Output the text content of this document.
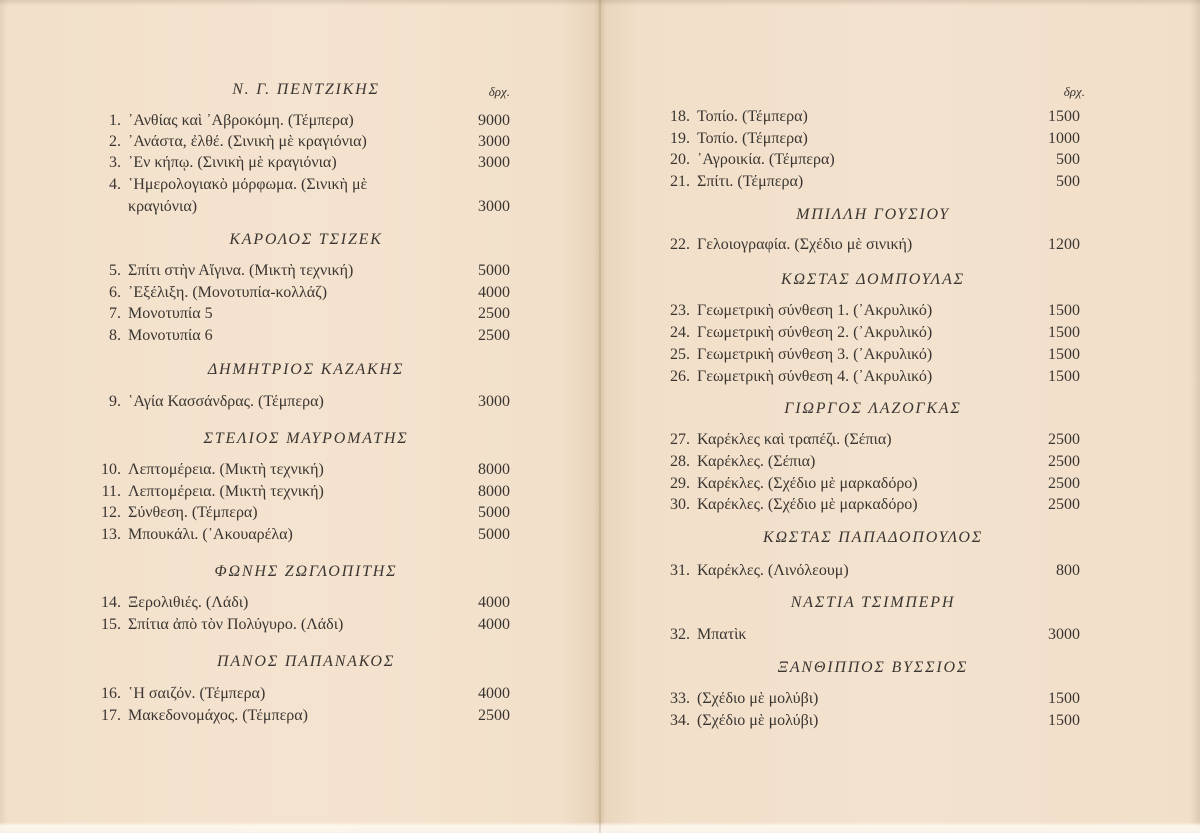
δρχ.
Ν. Γ. ΠΕΝΤΖΙΚΗΣ
1. ᾿Ανθίας καὶ ᾿Αβροκόμη. (Τέμπερα)	9000
2. ᾿Ανάστα, ἐλθέ. (Σινικὴ μὲ κραγιόνια)	3000
3. ᾿Εν κήπῳ. (Σινικὴ μὲ κραγιόνια)	3000
4. ῾Ημερολογιακὸ μόρφωμα. (Σινικὴ μὲ
κραγιόνια)	3000
ΚΑΡΟΛΟΣ ΤΣΙΖΕΚ
5. Σπίτι στὴν Αἴγινα. (Μικτὴ τεχνική)	5000
6. ᾿Εξέλιξη. (Μονοτυπία-κολλάζ)	4000
7. Μονοτυπία 5	2500
8. Μονοτυπία 6	2500
ΔΗΜΗΤΡΙΟΣ ΚΑΖΑΚΗΣ
9. ῾Αγία Κασσάνδρας. (Τέμπερα)	3000
ΣΤΕΛΙΟΣ ΜΑΥΡΟΜΑΤΗΣ
10. Λεπτομέρεια. (Μικτὴ τεχνική)	8000
11. Λεπτομέρεια. (Μικτὴ τεχνική)	8000
12. Σύνθεση. (Τέμπερα)	5000
13. Μπουκάλι. (᾿Ακουαρέλα)	5000
ΦΩΝΗΣ ΖΩΓΛΟΠΙΤΗΣ
14. Ξερολιθιές. (Λάδι)	4000
15. Σπίτια ἀπὸ τὸν Πολύγυρο. (Λάδι)	4000
ΠΑΝΟΣ ΠΑΠΑΝΑΚΟΣ
16. ῾Η σαιζόν. (Τέμπερα)	4000
17. Μακεδονομάχος. (Τέμπερα)	2500
δρχ.
18. Τοπίο. (Τέμπερα)	1500
19. Τοπίο. (Τέμπερα)	1000
20. ᾿Αγροικία. (Τέμπερα)	500
21. Σπίτι. (Τέμπερα)	500
ΜΠΙΛΛΗ ΓΟΥΣΙΟΥ
22. Γελοιογραφία. (Σχέδιο μὲ σινική)	1200
ΚΩΣΤΑΣ ΔΟΜΠΟΥΛΑΣ
23. Γεωμετρικὴ σύνθεση 1. (᾿Ακρυλικό)	1500
24. Γεωμετρικὴ σύνθεση 2. (᾿Ακρυλικό)	1500
25. Γεωμετρικὴ σύνθεση 3. (᾿Ακρυλικό)	1500
26. Γεωμετρικὴ σύνθεση 4. (᾿Ακρυλικό)	1500
ΓΙΩΡΓΟΣ ΛΑΖΟΓΚΑΣ
27. Καρέκλες καὶ τραπέζι. (Σέπια)	2500
28. Καρέκλες. (Σέπια)	2500
29. Καρέκλες. (Σχέδιο μὲ μαρκαδόρο)	2500
30. Καρέκλες. (Σχέδιο μὲ μαρκαδόρο)	2500
ΚΩΣΤΑΣ ΠΑΠΑΔΟΠΟΥΛΟΣ
31. Καρέκλες. (Λινόλεουμ)	800
ΝΑΣΤΙΑ ΤΣΙΜΠΕΡΗ
32. Μπατὶκ	3000
ΞΑΝΘΙΠΠΟΣ ΒΥΣΣΙΟΣ
33. (Σχέδιο μὲ μολύβι)	1500
34. (Σχέδιο μὲ μολύβι)	1500
